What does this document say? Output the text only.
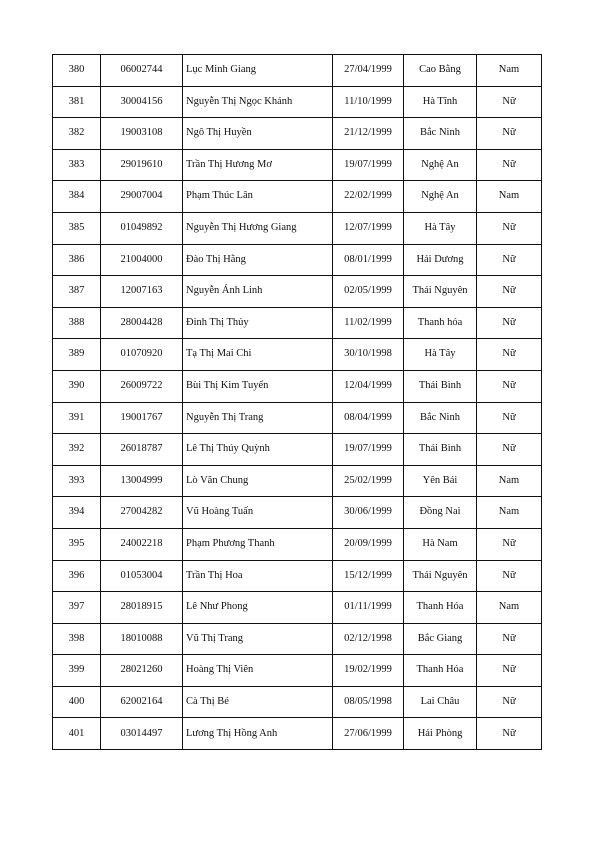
380	06002744	Lục Minh Giang	27/04/1999	Cao Bằng	Nam
381	30004156	Nguyễn Thị Ngọc Khánh	11/10/1999	Hà Tĩnh	Nữ
382	19003108	Ngô Thị Huyền	21/12/1999	Bắc Ninh	Nữ
383	29019610	Trần Thị Hương Mơ	19/07/1999	Nghệ An	Nữ
384	29007004	Phạm Thúc Lân	22/02/1999	Nghệ An	Nam
385	01049892	Nguyễn Thị Hương Giang	12/07/1999	Hà Tây	Nữ
386	21004000	Đào Thị Hằng	08/01/1999	Hải Dương	Nữ
387	12007163	Nguyễn Ánh Linh	02/05/1999	Thái Nguyên	Nữ
388	28004428	Đinh Thị Thủy	11/02/1999	Thanh hóa	Nữ
389	01070920	Tạ Thị Mai Chi	30/10/1998	Hà Tây	Nữ
390	26009722	Bùi Thị Kim Tuyến	12/04/1999	Thái Bình	Nữ
391	19001767	Nguyễn Thị Trang	08/04/1999	Bắc Ninh	Nữ
392	26018787	Lê Thị Thúy Quỳnh	19/07/1999	Thái Bình	Nữ
393	13004999	Lò Văn Chung	25/02/1999	Yên Bái	Nam
394	27004282	Vũ Hoàng Tuấn	30/06/1999	Đồng Nai	Nam
395	24002218	Phạm Phương Thanh	20/09/1999	Hà Nam	Nữ
396	01053004	Trần Thị Hoa	15/12/1999	Thái Nguyên	Nữ
397	28018915	Lê Như Phong	01/11/1999	Thanh Hóa	Nam
398	18010088	Vũ Thị Trang	02/12/1998	Bắc Giang	Nữ
399	28021260	Hoàng Thị Viên	19/02/1999	Thanh Hóa	Nữ
400	62002164	Cà Thị Bé	08/05/1998	Lai Châu	Nữ
401	03014497	Lương Thị Hồng Anh	27/06/1999	Hải Phòng	Nữ
